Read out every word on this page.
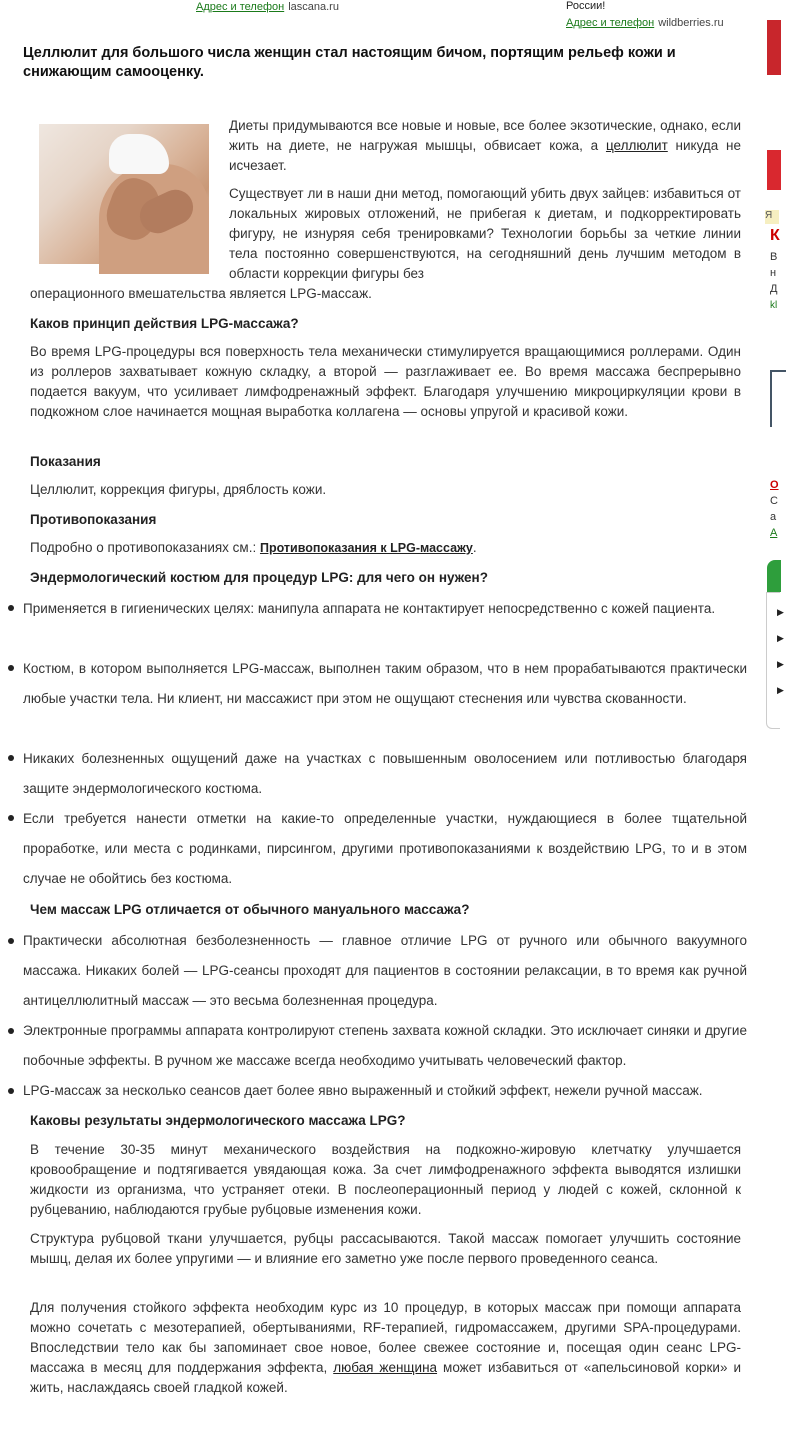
Адрес и телефон lascana.ru	России!
Адрес и телефон wildberries.ru
Я
К
В
н
Д
kl
О
С
а
А
▶
▶
▶
▶
Целлюлит для большого числа женщин стал настоящим бичом, портящим рельеф кожи и снижающим самооценку.

Диеты придумываются все новые и новые, все более экзотические, однако, если жить на диете, не нагружая мышцы, обвисает кожа, а целлюлит никуда не исчезает.

Существует ли в наши дни метод, помогающий убить двух зайцев: избавиться от локальных жировых отложений, не прибегая к диетам, и подкорректировать фигуру, не изнуряя себя тренировками? Технологии борьбы за четкие линии тела постоянно совершенствуются, на сегодняшний день лучшим методом в области коррекции фигуры без

операционного вмешательства является LPG-массаж.

Каков принцип действия LPG-массажа?

Во время LPG-процедуры вся поверхность тела механически стимулируется вращающимися роллерами. Один из роллеров захватывает кожную складку, а второй — разглаживает ее. Во время массажа беспрерывно подается вакуум, что усиливает лимфодренажный эффект. Благодаря улучшению микроциркуляции крови в подкожном слое начинается мощная выработка коллагена — основы упругой и красивой кожи.

Показания

Целлюлит, коррекция фигуры, дряблость кожи.

Противопоказания

Подробно о противопоказаниях см.: Противопоказания к LPG-массажу.

Эндермологический костюм для процедур LPG: для чего он нужен?

Применяется в гигиенических целях: манипула аппарата не контактирует непосредственно с кожей пациента.

Костюм, в котором выполняется LPG-массаж, выполнен таким образом, что в нем прорабатываются практически любые участки тела. Ни клиент, ни массажист при этом не ощущают стеснения или чувства скованности.

Никаких болезненных ощущений даже на участках с повышенным оволосением или потливостью благодаря защите эндермологического костюма.

Если требуется нанести отметки на какие-то определенные участки, нуждающиеся в более тщательной проработке, или места с родинками, пирсингом, другими противопоказаниями к воздействию LPG, то и в этом случае не обойтись без костюма.

Чем массаж LPG отличается от обычного мануального массажа?

Практически абсолютная безболезненность — главное отличие LPG от ручного или обычного вакуумного массажа. Никаких болей — LPG-сеансы проходят для пациентов в состоянии релаксации, в то время как ручной антицеллюлитный массаж — это весьма болезненная процедура.

Электронные программы аппарата контролируют степень захвата кожной складки. Это исключает синяки и другие побочные эффекты. В ручном же массаже всегда необходимо учитывать человеческий фактор.

LPG-массаж за несколько сеансов дает более явно выраженный и стойкий эффект, нежели ручной массаж.

Каковы результаты эндермологического массажа LPG?

В течение 30-35 минут механического воздействия на подкожно-жировую клетчатку улучшается кровообращение и подтягивается увядающая кожа. За счет лимфодренажного эффекта выводятся излишки жидкости из организма, что устраняет отеки. В послеоперационный период у людей с кожей, склонной к рубцеванию, наблюдаются грубые рубцовые изменения кожи.

Структура рубцовой ткани улучшается, рубцы рассасываются. Такой массаж помогает улучшить состояние мышц, делая их более упругими — и влияние его заметно уже после первого проведенного сеанса.

Для получения стойкого эффекта необходим курс из 10 процедур, в которых массаж при помощи аппарата можно сочетать с мезотерапией, обертываниями, RF-терапией, гидромассажем, другими SPA-процедурами. Впоследствии тело как бы запоминает свое новое, более свежее состояние и, посещая один сеанс LPG-массажа в месяц для поддержания эффекта, любая женщина может избавиться от «апельсиновой корки» и жить, наслаждаясь своей гладкой кожей.
